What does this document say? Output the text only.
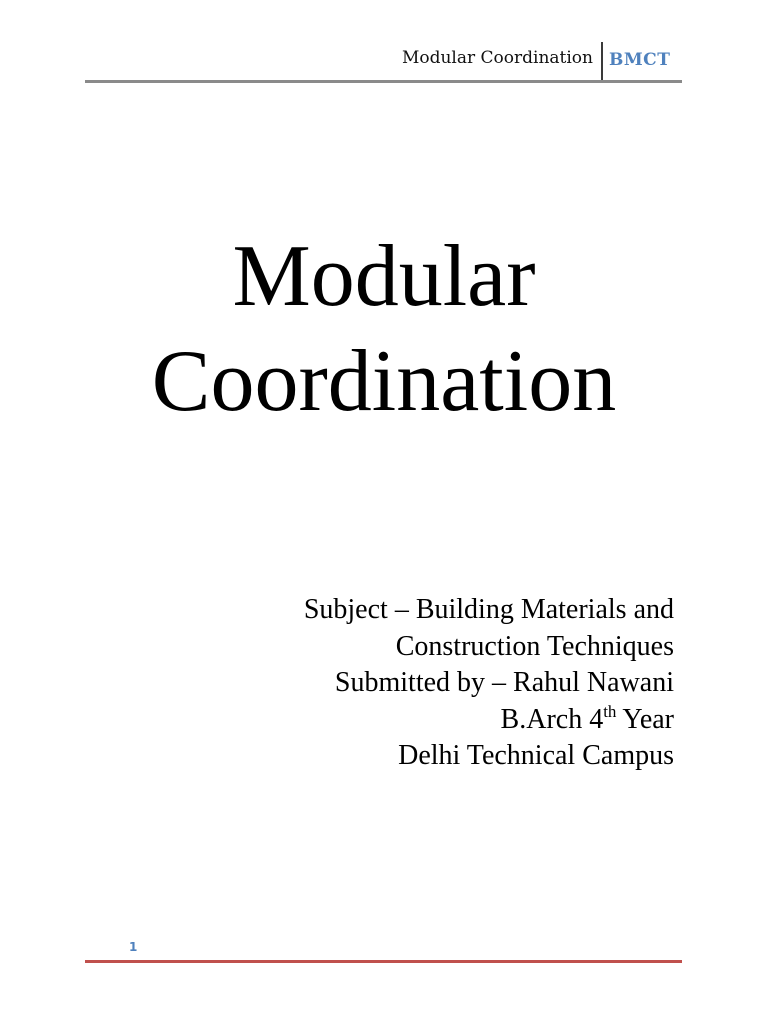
Modular Coordination BMCT
Modular
Coordination
Subject – Building Materials and
Construction Techniques
Submitted by – Rahul Nawani
B.Arch 4th Year
Delhi Technical Campus
1
